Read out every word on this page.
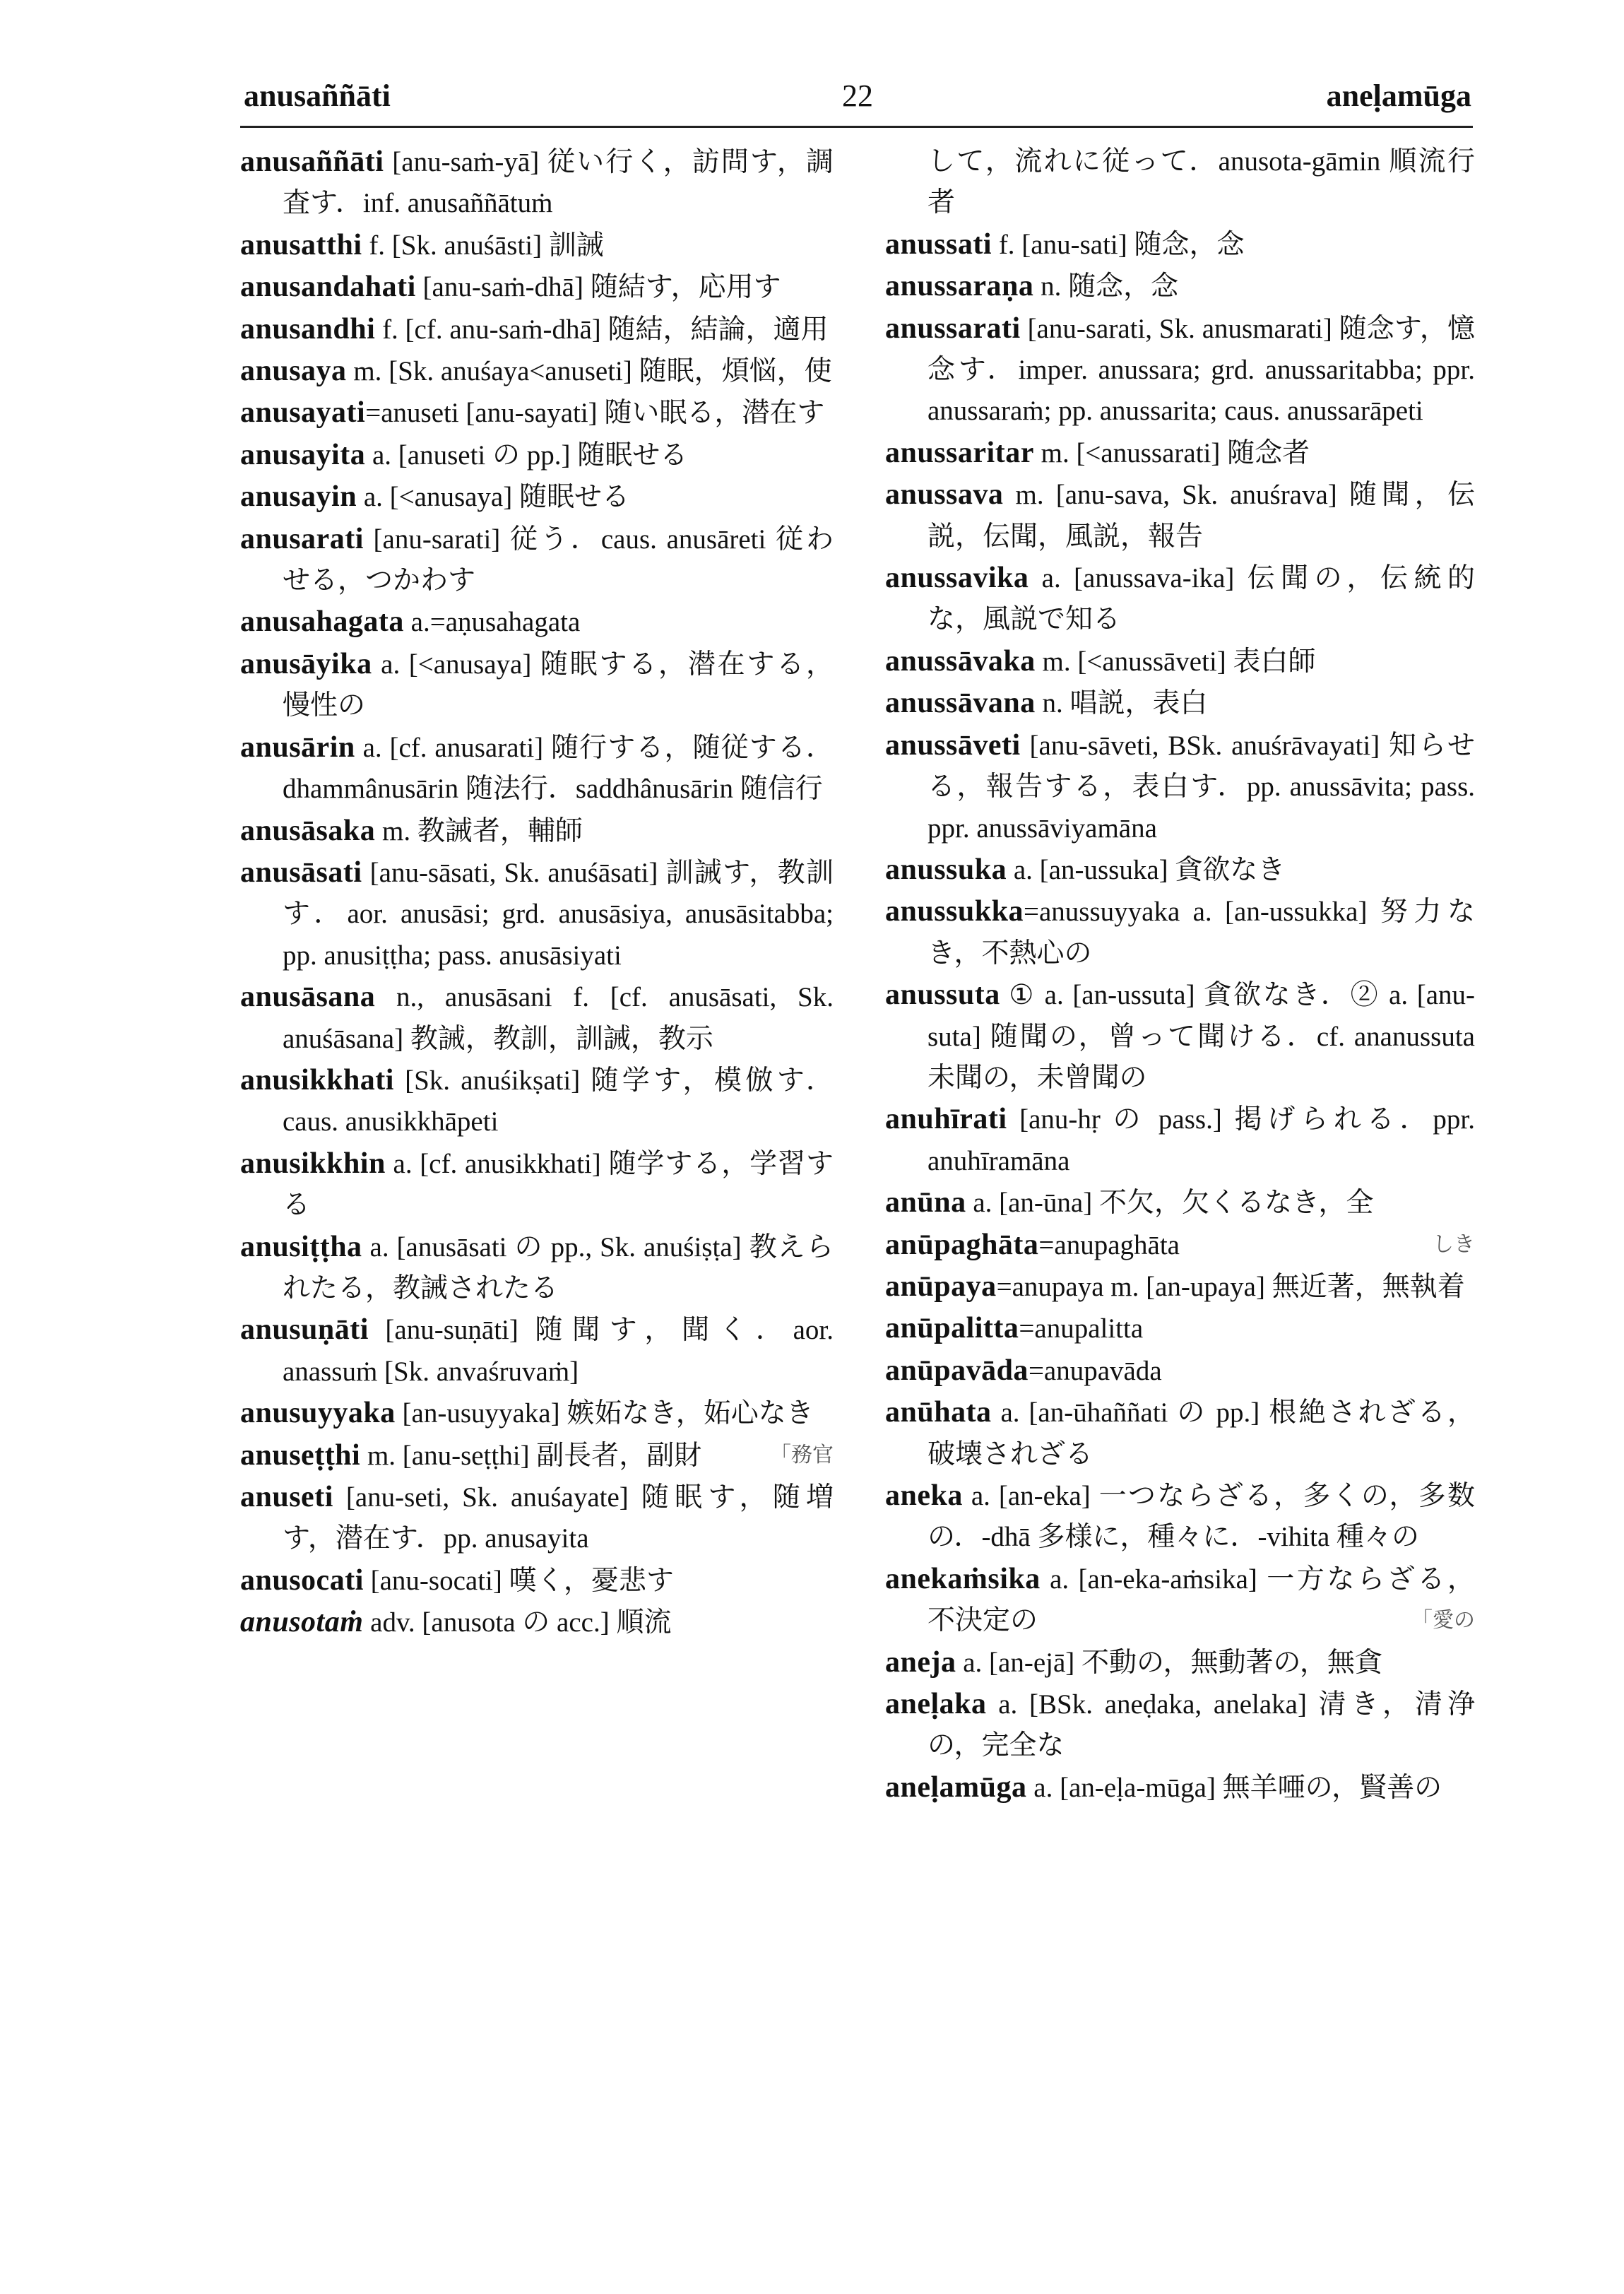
anusaññāti	22	aneḷamūga
anusaññāti [anu-saṁ-yā] 従い行く，訪問す，調査す．inf. anusaññātuṁ
anusatthi f. [Sk. anuśāsti] 訓誡
anusandahati [anu-saṁ-dhā] 随結す，応用す
anusandhi f. [cf. anu-saṁ-dhā] 随結，結論，適用
anusaya m. [Sk. anuśaya<anuseti] 随眠，煩悩，使
anusayati=anuseti [anu-sayati] 随い眠る，潜在す
anusayita a. [anuseti の pp.] 随眠せる
anusayin a. [<anusaya] 随眠せる
anusarati [anu-sarati] 従う．caus. anusāreti 従わせる，つかわす
anusahagata a.=aṇusahagata
anusāyika a. [<anusaya] 随眠する，潜在する，慢性の
anusārin a. [cf. anusarati] 随行する，随従する．dhammânusārin 随法行．saddhânusārin 随信行
anusāsaka m. 教誡者，輔師
anusāsati [anu-sāsati, Sk. anuśāsati] 訓誡す，教訓す．aor. anusāsi; grd. anusāsiya, anusāsitabba; pp. anusiṭṭha; pass. anusāsiyati
anusāsana n., anusāsani f. [cf. anusāsati, Sk. anuśāsana] 教誡，教訓，訓誡，教示
anusikkhati [Sk. anuśikṣati] 随学す，模倣す．caus. anusikkhāpeti
anusikkhin a. [cf. anusikkhati] 随学する，学習する
anusiṭṭha a. [anusāsati の pp., Sk. anuśiṣṭa] 教えられたる，教誡されたる
anusuṇāti [anu-suṇāti] 随聞す，聞く．aor. anassuṁ [Sk. anvaśruvaṁ]
anusuyyaka [an-usuyyaka] 嫉妬なき，妬心なき
「務官
anuseṭṭhi m. [anu-seṭṭhi] 副長者，副財
anuseti [anu-seti, Sk. anuśayate] 随眠す，随増す，潜在す．pp. anusayita
anusocati [anu-socati] 嘆く，憂悲す
anusotaṁ adv. [anusota の acc.] 順流
して，流れに従って．anusota-gāmin 順流行者
anussati f. [anu-sati] 随念，念
anussaraṇa n. 随念，念
anussarati [anu-sarati, Sk. anusmarati] 随念す，憶念す．imper. anussara; grd. anussaritabba; ppr. anussaraṁ; pp. anussarita; caus. anussarāpeti
anussaritar m. [<anussarati] 随念者
anussava m. [anu-sava, Sk. anuśrava] 随聞，伝説，伝聞，風説，報告
anussavika a. [anussava-ika] 伝聞の，伝統的な，風説で知る
anussāvaka m. [<anussāveti] 表白師
anussāvana n. 唱説，表白
anussāveti [anu-sāveti, BSk. anuśrāvayati] 知らせる，報告する，表白す．pp. anussāvita; pass. ppr. anussāviyamāna
anussuka a. [an-ussuka] 貪欲なき
anussukka=anussuyyaka a. [an-ussukka] 努力なき，不熱心の
anussuta ① a. [an-ussuta] 貪欲なき．② a. [anu-suta] 随聞の，曾って聞ける．cf. ananussuta 未聞の，未曾聞の
anuhīrati [anu-hṛ の pass.] 掲げられる．ppr. anuhīramāna
anūna a. [an-ūna] 不欠，欠くるなき，全
anūpaghāta=anupaghāta	しき
anūpaya=anupaya m. [an-upaya] 無近著，無執着
anūpalitta=anupalitta
anūpavāda=anupavāda
anūhata a. [an-ūhaññati の pp.] 根絶されざる，破壊されざる
aneka a. [an-eka] 一つならざる，多くの，多数の．-dhā 多様に，種々に．-vihita 種々の
anekaṁsika a. [an-eka-aṁsika] 一方ならざる，不決定の	「愛の
aneja a. [an-ejā] 不動の，無動著の，無貪
aneḷaka a. [BSk. aneḍaka, anelaka] 清き，清浄の，完全な
aneḷamūga a. [an-eḷa-mūga] 無羊唖の，賢善の
